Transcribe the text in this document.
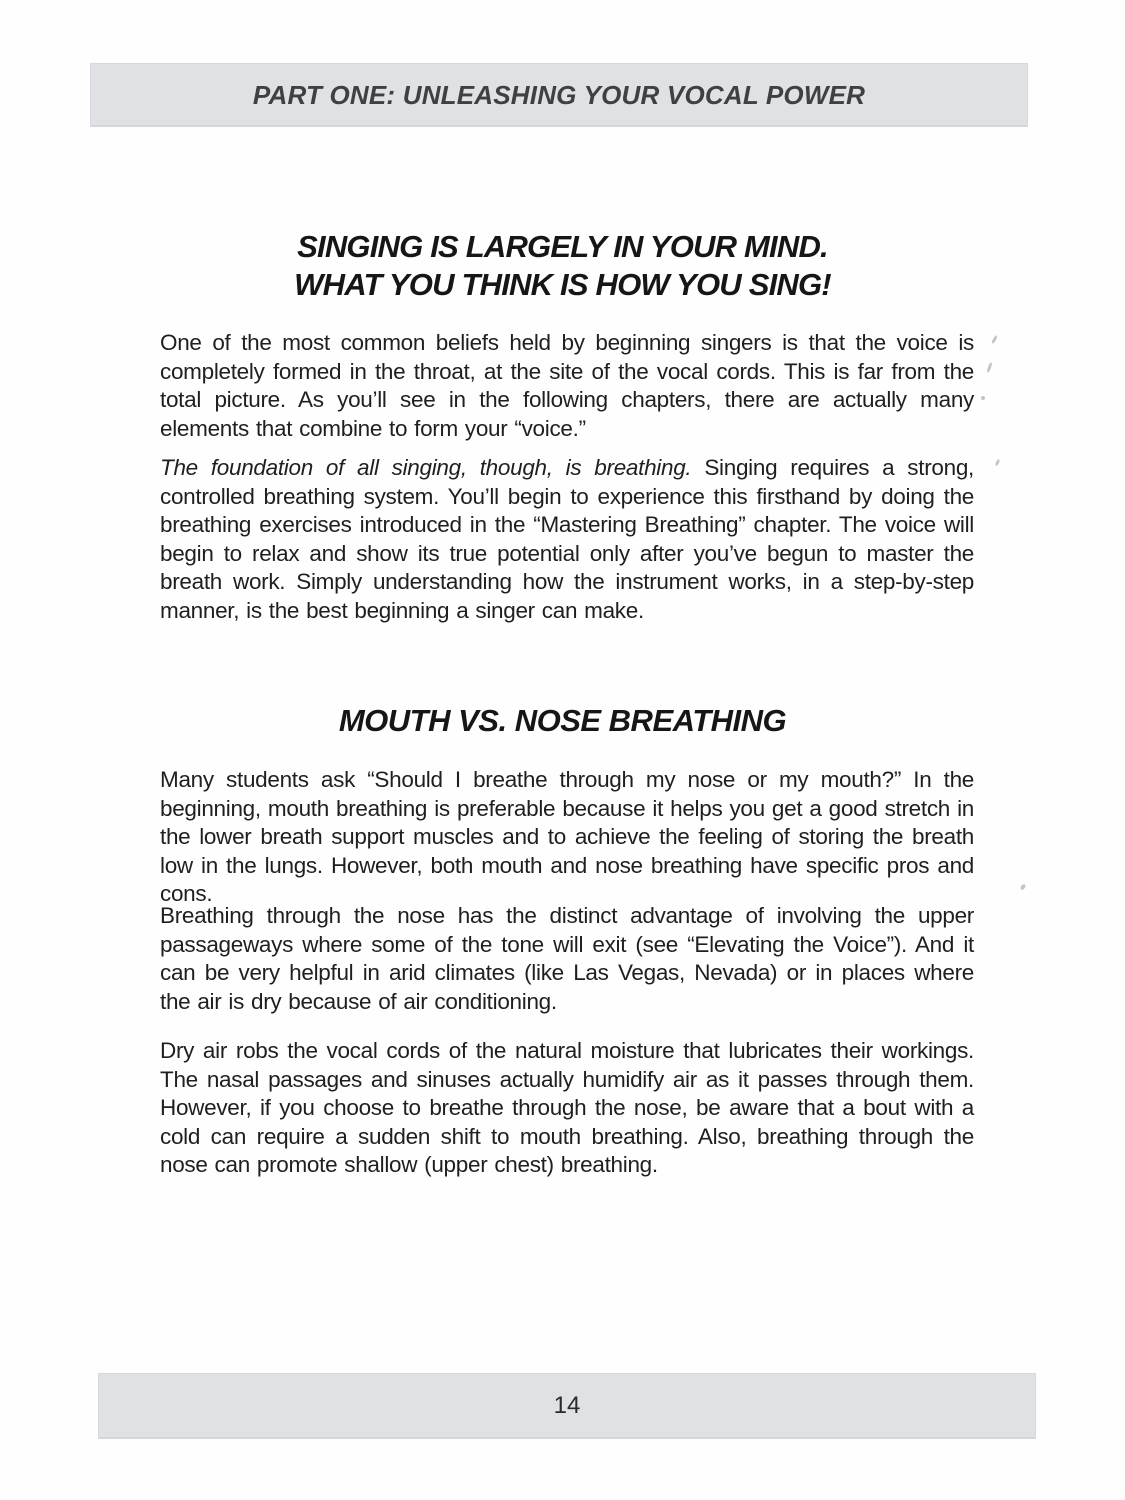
PART ONE: UNLEASHING YOUR VOCAL POWER
SINGING IS LARGELY IN YOUR MIND.
WHAT YOU THINK IS HOW YOU SING!

One of the most common beliefs held by beginning singers is that the voice is completely formed in the throat, at the site of the vocal cords. This is far from the total picture. As you’ll see in the following chapters, there are actually many elements that combine to form your “voice.”

The foundation of all singing, though, is breathing. Singing requires a strong, controlled breathing system. You’ll begin to experience this firsthand by doing the breathing exercises introduced in the “Mastering Breathing” chapter. The voice will begin to relax and show its true potential only after you’ve begun to master the breath work. Simply understanding how the instrument works, in a step-by-step manner, is the best beginning a singer can make.

MOUTH VS. NOSE BREATHING

Many students ask “Should I breathe through my nose or my mouth?” In the beginning, mouth breathing is preferable because it helps you get a good stretch in the lower breath support muscles and to achieve the feeling of storing the breath low in the lungs. However, both mouth and nose breathing have specific pros and cons.

Breathing through the nose has the distinct advantage of involving the upper passageways where some of the tone will exit (see “Elevating the Voice”). And it can be very helpful in arid climates (like Las Vegas, Nevada) or in places where the air is dry because of air conditioning.

Dry air robs the vocal cords of the natural moisture that lubricates their workings. The nasal passages and sinuses actually humidify air as it passes through them. However, if you choose to breathe through the nose, be aware that a bout with a cold can require a sudden shift to mouth breathing. Also, breathing through the nose can promote shallow (upper chest) breathing.

14
